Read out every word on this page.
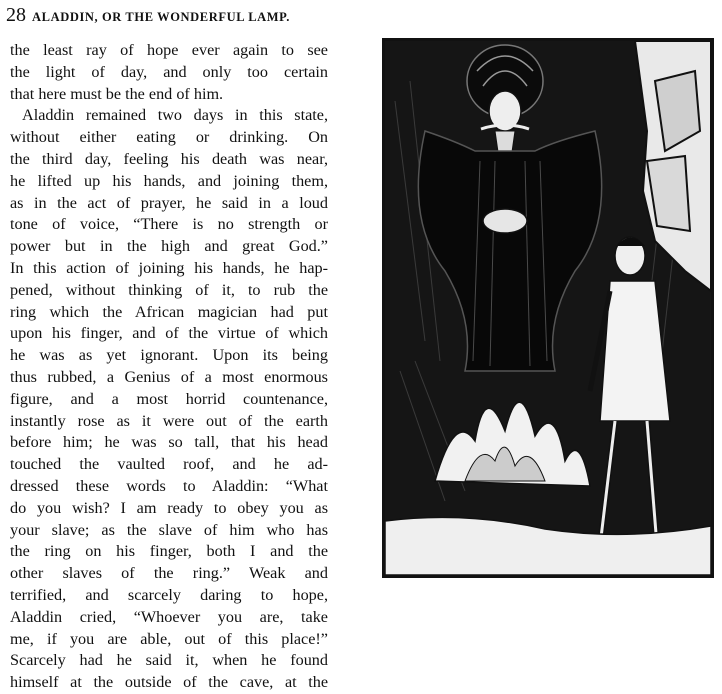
28 ALADDIN, OR THE WONDERFUL LAMP.
the least ray of hope ever again to see
the light of day, and only too certain
that here must be the end of him.
Aladdin remained two days in this state,
without either eating or drinking. On
the third day, feeling his death was near,
he lifted up his hands, and joining them,
as in the act of prayer, he said in a loud
tone of voice, “There is no strength or
power but in the high and great God.”
In this action of joining his hands, he hap-
pened, without thinking of it, to rub the
ring which the African magician had put
upon his finger, and of the virtue of which
he was as yet ignorant. Upon its being
thus rubbed, a Genius of a most enormous
figure, and a most horrid countenance,
instantly rose as it were out of the earth
before him; he was so tall, that his head
touched the vaulted roof, and he ad-
dressed these words to Aladdin: “What
do you wish? I am ready to obey you as
your slave; as the slave of him who has
the ring on his finger, both I and the
other slaves of the ring.” Weak and
terrified, and scarcely daring to hope,
Aladdin cried, “Whoever you are, take
me, if you are able, out of this place!”
Scarcely had he said it, when he found
himself at the outside of the cave, at the
